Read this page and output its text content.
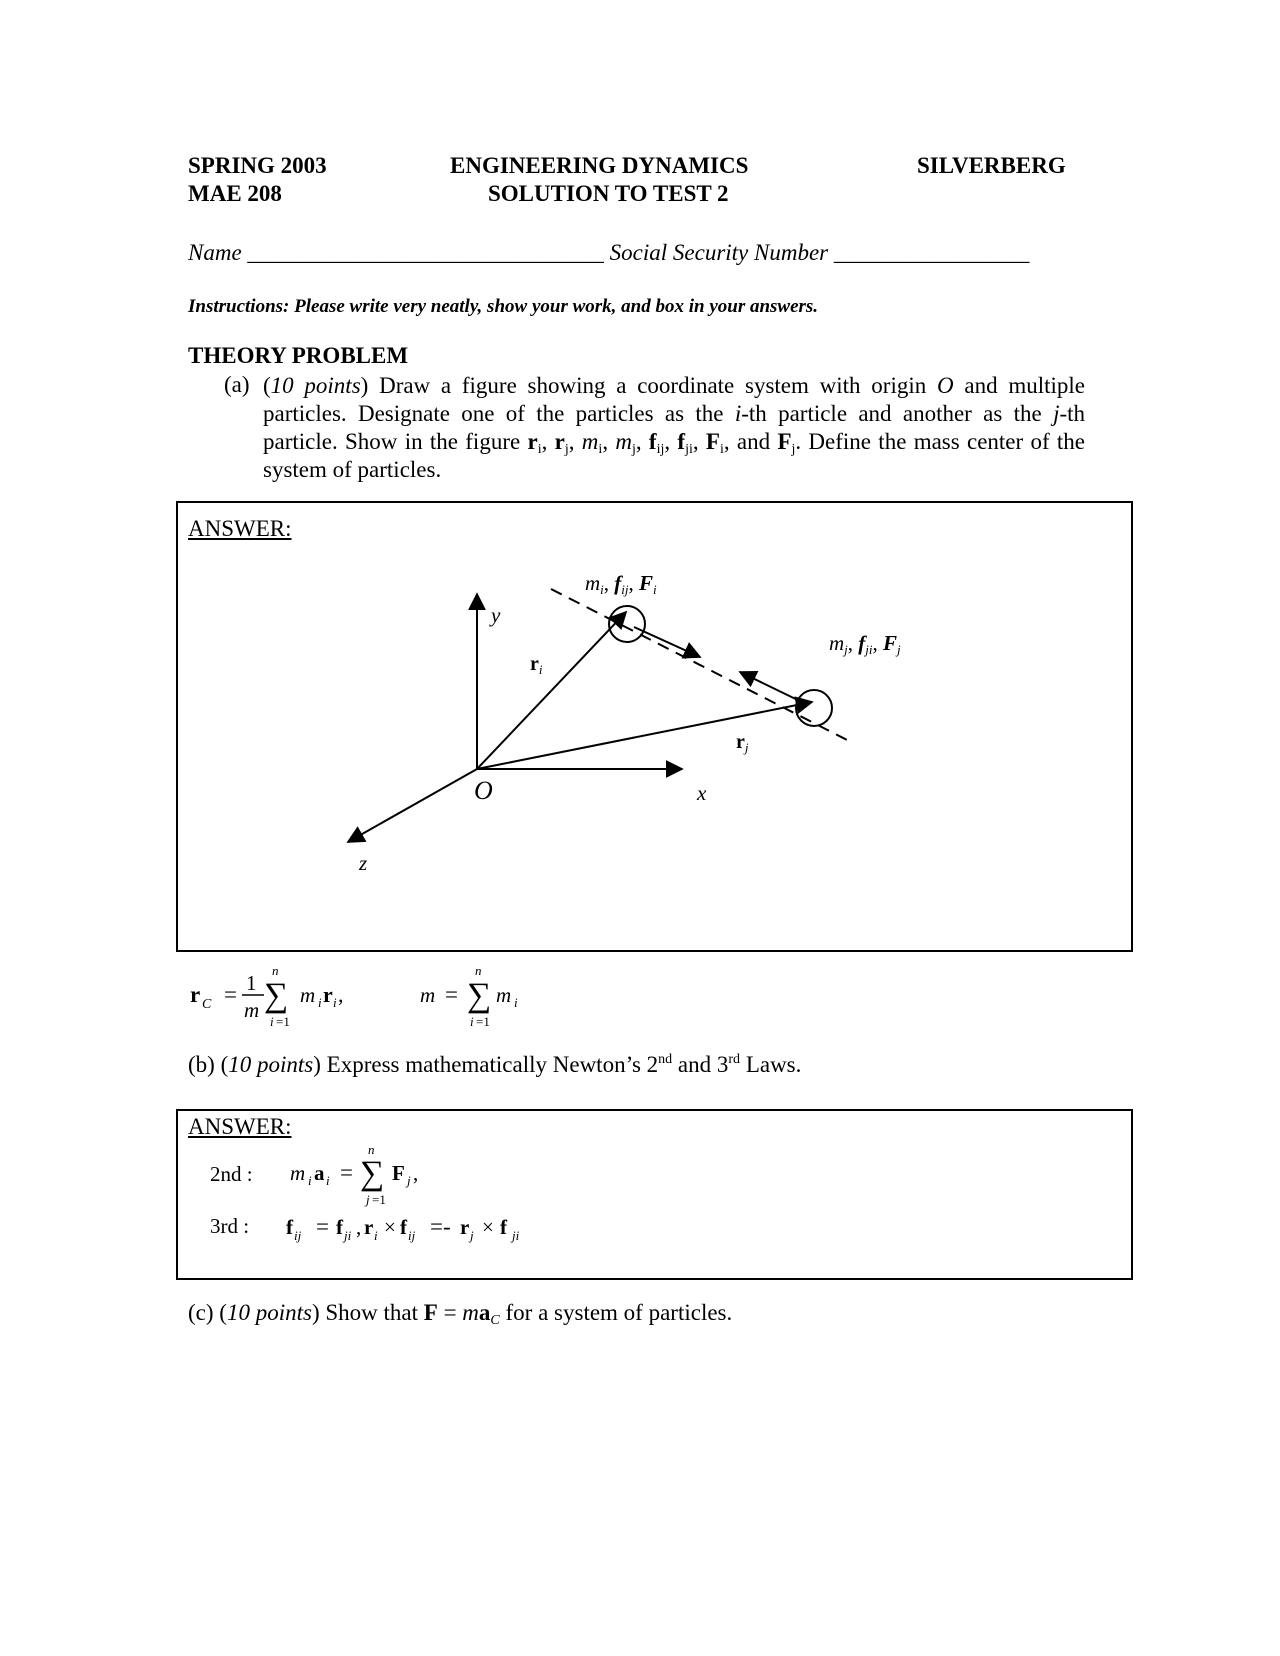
SPRING 2003
MAE 208
ENGINEERING DYNAMICS
SOLUTION TO TEST 2
SILVERBERG
Name _______________________________ Social Security Number _________________
Instructions: Please write very neatly, show your work, and box in your answers.
THEORY PROBLEM
(a) (10 points) Draw a figure showing a coordinate system with origin O and multiple particles. Designate one of the particles as the i-th particle and another as the j-th particle. Show in the figure $r_i$, $r_j$, $m_i$, $m_j$, $f_{ij}$, $f_{ji}$, $F_i$, and $F_j$. Define the mass center of the system of particles.
ANSWER:
y
x
z
O
$r_i$
$r_j$
mi, fij, Fi
mj, fji, Fj
r C = 1
m
n
∑
i =1
m i r i ,	m =
n
∑
i =1
m i
(b) (10 points) Express mathematically Newton’s 2nd and 3rd Laws.
ANSWER:
2nd :
3rd :
m i a i =
n
∑
j =1
F j ,
f ij = f ji , r i × f ij =- r j × f ji
(c) (10 points) Show that $F = ma_C$ for a system of particles.
